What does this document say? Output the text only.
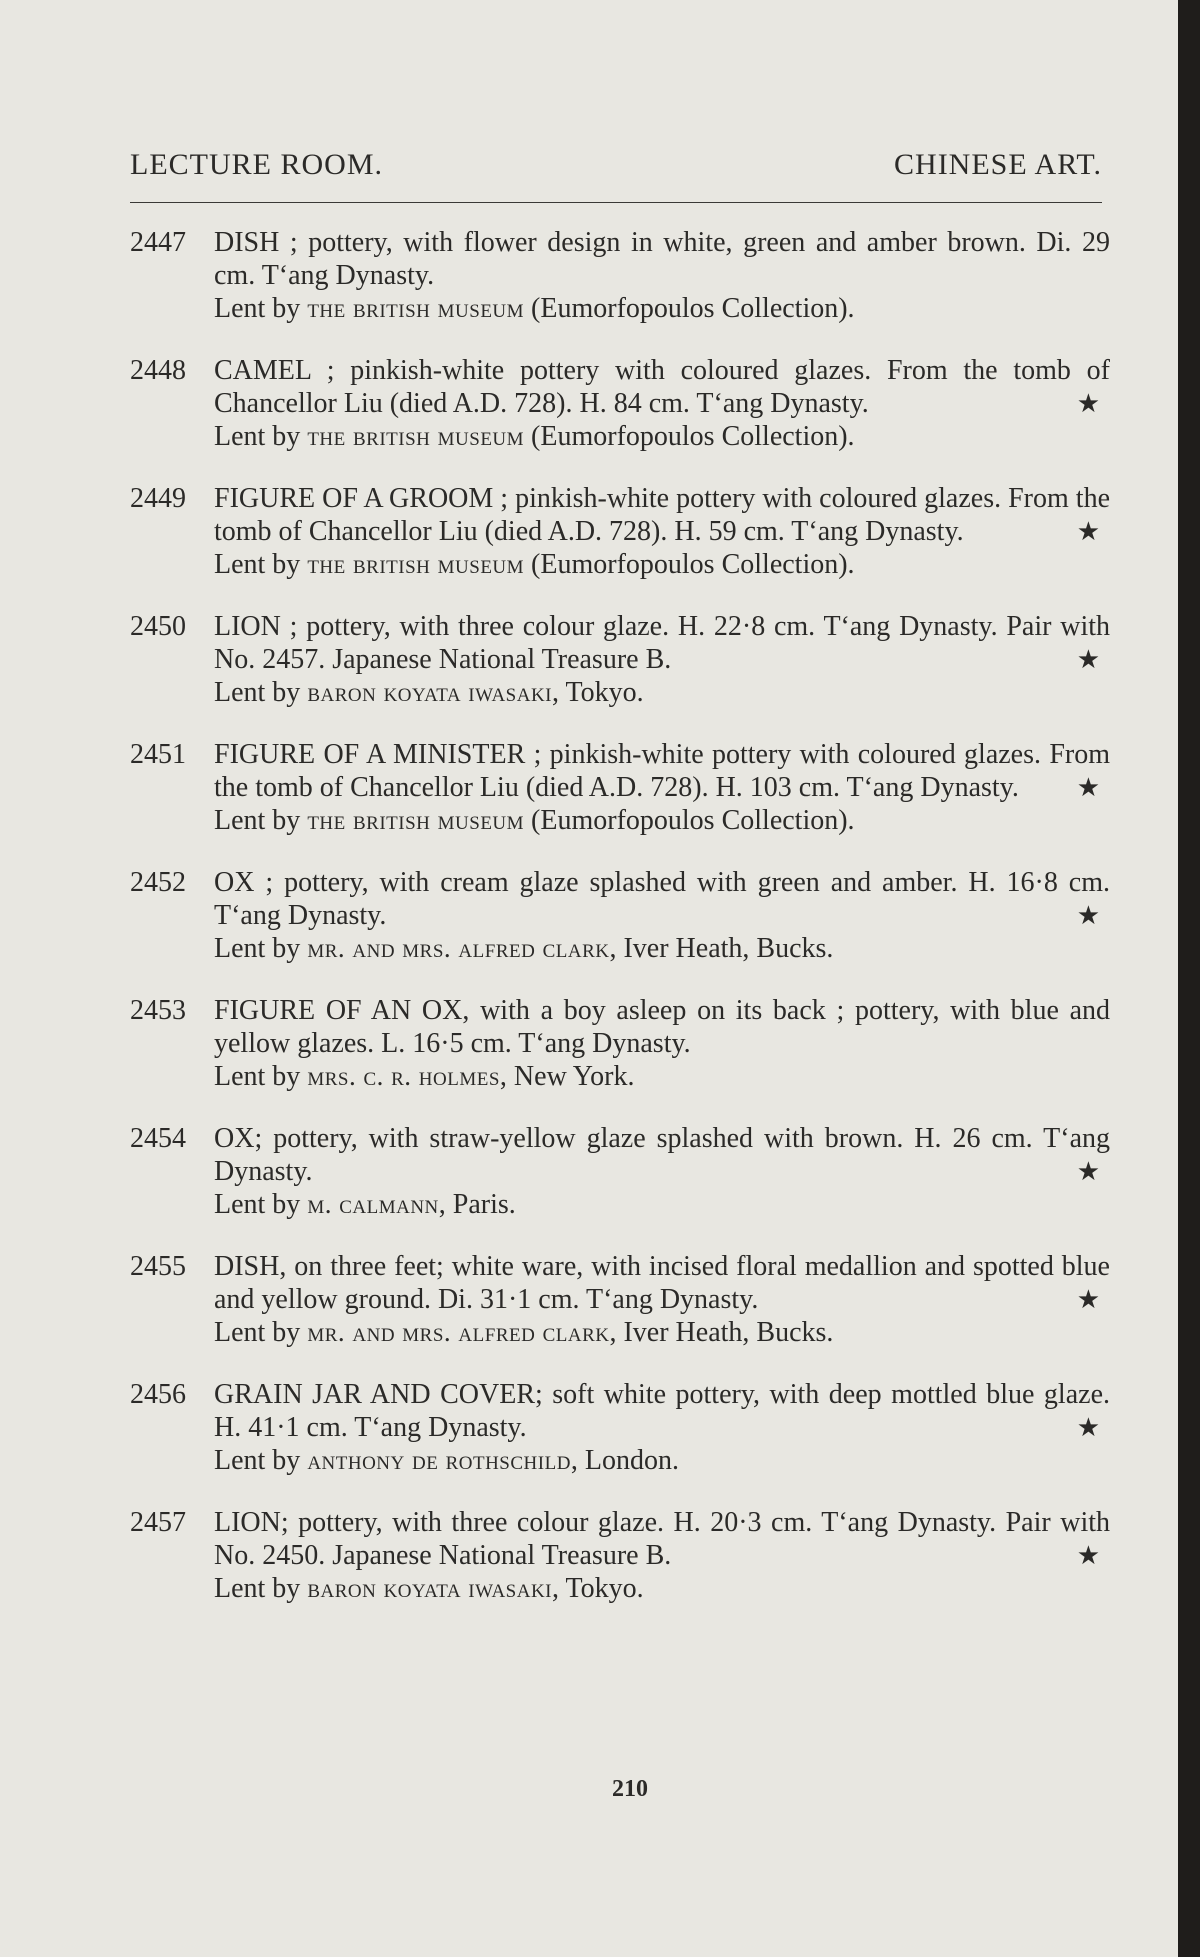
LECTURE ROOM.	CHINESE ART.
2447	DISH ; pottery, with flower design in white, green and amber brown. Di. 29 cm. T‘ang Dynasty.
Lent by the british museum (Eumorfopoulos Collection).
2448	CAMEL ; pinkish-white pottery with coloured glazes. From the tomb of Chancellor Liu (died A.D. 728). H. 84 cm. T‘ang Dynasty.
Lent by the british museum (Eumorfopoulos Collection).
★
2449	FIGURE OF A GROOM ; pinkish-white pottery with coloured glazes. From the tomb of Chancellor Liu (died A.D. 728). H. 59 cm. T‘ang Dynasty.
Lent by the british museum (Eumorfopoulos Collection).
★
2450	LION ; pottery, with three colour glaze. H. 22·8 cm. T‘ang Dynasty. Pair with No. 2457. Japanese National Treasure B.
Lent by baron koyata iwasaki, Tokyo.
★
2451	FIGURE OF A MINISTER ; pinkish-white pottery with coloured glazes. From the tomb of Chancellor Liu (died A.D. 728). H. 103 cm. T‘ang Dynasty.
Lent by the british museum (Eumorfopoulos Collection).
★
2452	OX ; pottery, with cream glaze splashed with green and amber. H. 16·8 cm. T‘ang Dynasty.
Lent by mr. and mrs. alfred clark, Iver Heath, Bucks.
★
2453	FIGURE OF AN OX, with a boy asleep on its back ; pottery, with blue and yellow glazes. L. 16·5 cm. T‘ang Dynasty.
Lent by mrs. c. r. holmes, New York.
2454	OX; pottery, with straw-yellow glaze splashed with brown. H. 26 cm. T‘ang Dynasty.
Lent by m. calmann, Paris.
★
2455	DISH, on three feet; white ware, with incised floral medallion and spotted blue and yellow ground. Di. 31·1 cm. T‘ang Dynasty.
Lent by mr. and mrs. alfred clark, Iver Heath, Bucks.
★
2456	GRAIN JAR AND COVER; soft white pottery, with deep mottled blue glaze. H. 41·1 cm. T‘ang Dynasty.
Lent by anthony de rothschild, London.
★
2457	LION; pottery, with three colour glaze. H. 20·3 cm. T‘ang Dynasty. Pair with No. 2450. Japanese National Treasure B.
Lent by baron koyata iwasaki, Tokyo.
★
210
